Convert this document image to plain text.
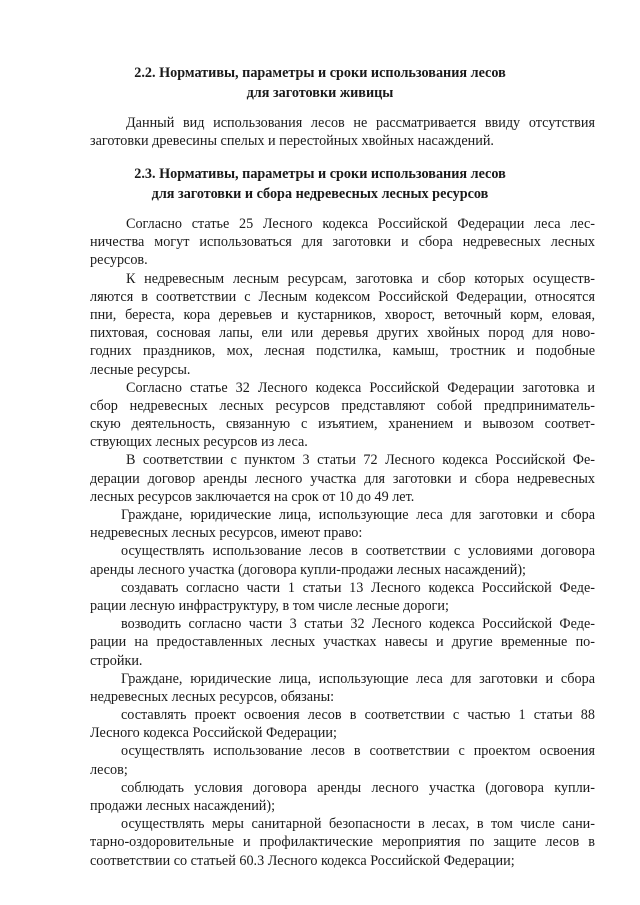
2.2. Нормативы, параметры и сроки использования лесов
для заготовки живицы
Данный вид использования лесов не рассматривается ввиду отсутствия
заготовки древесины спелых и перестойных хвойных насаждений.
2.3. Нормативы, параметры и сроки использования лесов
для заготовки и сбора недревесных лесных ресурсов
Согласно статье 25 Лесного кодекса Российской Федерации леса лес-
ничества могут использоваться для заготовки и сбора недревесных лесных
ресурсов.
К недревесным лесным ресурсам, заготовка и сбор которых осуществ-
ляются в соответствии с Лесным кодексом Российской Федерации, относятся
пни, береста, кора деревьев и кустарников, хворост, веточный корм, еловая,
пихтовая, сосновая лапы, ели или деревья других хвойных пород для ново-
годних праздников, мох, лесная подстилка, камыш, тростник и подобные
лесные ресурсы.
Согласно статье 32 Лесного кодекса Российской Федерации заготовка и
сбор недревесных лесных ресурсов представляют собой предприниматель-
скую деятельность, связанную с изъятием, хранением и вывозом соответ-
ствующих лесных ресурсов из леса.
В соответствии с пунктом 3 статьи 72 Лесного кодекса Российской Фе-
дерации договор аренды лесного участка для заготовки и сбора недревесных
лесных ресурсов заключается на срок от 10 до 49 лет.
Граждане, юридические лица, использующие леса для заготовки и сбора
недревесных лесных ресурсов, имеют право:
осуществлять использование лесов в соответствии с условиями договора
аренды лесного участка (договора купли-продажи лесных насаждений);
создавать согласно части 1 статьи 13 Лесного кодекса Российской Феде-
рации лесную инфраструктуру, в том числе лесные дороги;
возводить согласно части 3 статьи 32 Лесного кодекса Российской Феде-
рации на предоставленных лесных участках навесы и другие временные по-
стройки.
Граждане, юридические лица, использующие леса для заготовки и сбора
недревесных лесных ресурсов, обязаны:
составлять проект освоения лесов в соответствии с частью 1 статьи 88
Лесного кодекса Российской Федерации;
осуществлять использование лесов в соответствии с проектом освоения
лесов;
соблюдать условия договора аренды лесного участка (договора купли-
продажи лесных насаждений);
осуществлять меры санитарной безопасности в лесах, в том числе сани-
тарно-оздоровительные и профилактические мероприятия по защите лесов в
соответствии со статьей 60.3 Лесного кодекса Российской Федерации;
